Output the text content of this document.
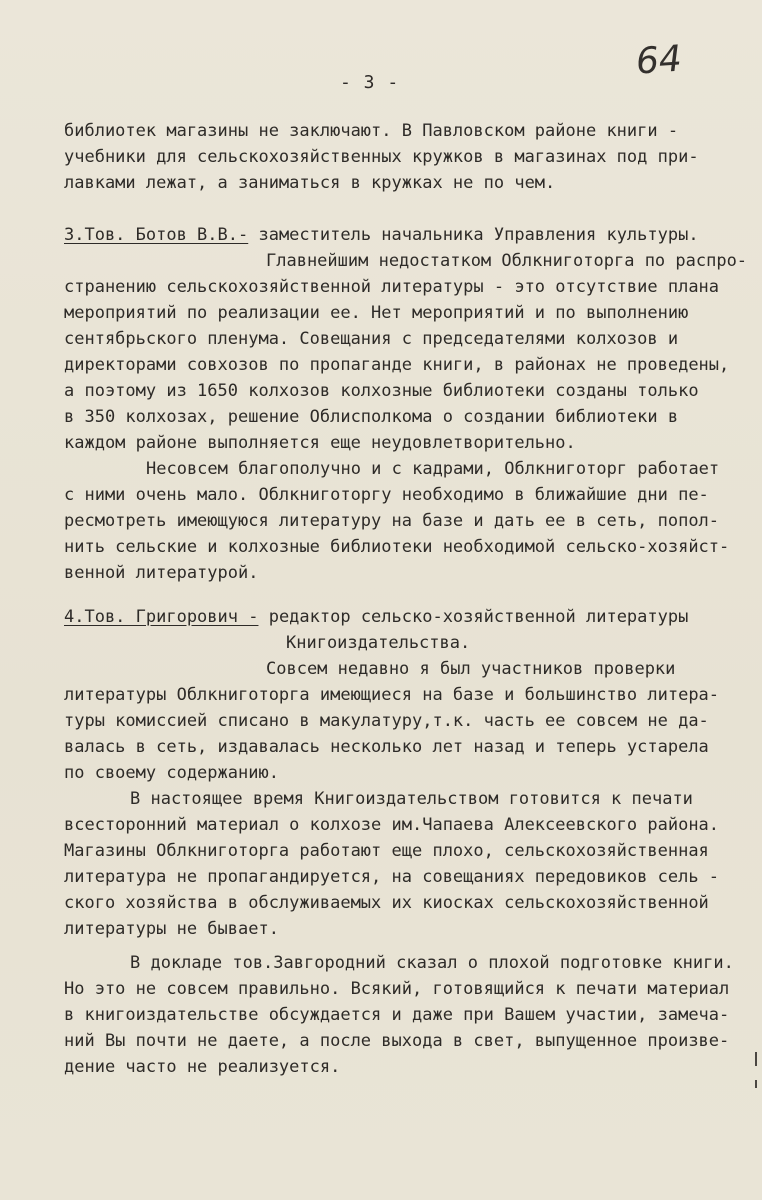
- 3 -	64
библиотек магазины не заключают. В Павловском районе книги -
учебники для сельскохозяйственных кружков в магазинах под при-
лавками лежат, а заниматься в кружках не по чем.
3.Тов. Ботов В.В.- заместитель начальника Управления культуры.
Главнейшим недостатком Облкниготорга по распро-
странению сельскохозяйственной литературы - это отсутствие плана
мероприятий по реализации ее. Нет мероприятий и по выполнению
сентябрьского пленума. Совещания с председателями колхозов и
директорами совхозов по пропаганде книги, в районах не проведены,
а поэтому из 1650 колхозов колхозные библиотеки созданы только
в 350 колхозах, решение Облисполкома о создании библиотеки в
каждом районе выполняется еще неудовлетворительно.
Несовсем благополучно и с кадрами, Облкниготорг работает
с ними очень мало. Облкниготоргу необходимо в ближайшие дни пе-
ресмотреть имеющуюся литературу на базе и дать ее в сеть, попол-
нить сельские и колхозные библиотеки необходимой сельско-хозяйст-
венной литературой.
4.Тов. Григорович - редактор сельско-хозяйственной литературы
Книгоиздательства.
Совсем недавно я был участников проверки
литературы Облкниготорга имеющиеся на базе и большинство литера-
туры комиссией списано в макулатуру,т.к. часть ее совсем не да-
валась в сеть, издавалась несколько лет назад и теперь устарела
по своему содержанию.
В настоящее время Книгоиздательством готовится к печати
всесторонний материал о колхозе им.Чапаева Алексеевского района.
Магазины Облкниготорга работают еще плохо, сельскохозяйственная
литература не пропагандируется, на совещаниях передовиков сель -
ского хозяйства в обслуживаемых их киосках сельскохозяйственной
литературы не бывает.
В докладе тов.Завгородний сказал о плохой подготовке книги.
Но это не совсем правильно. Всякий, готовящийся к печати материал
в книгоиздательстве обсуждается и даже при Вашем участии, замеча-
ний Вы почти не даете, а после выхода в свет, выпущенное произве-
дение часто не реализуется.
